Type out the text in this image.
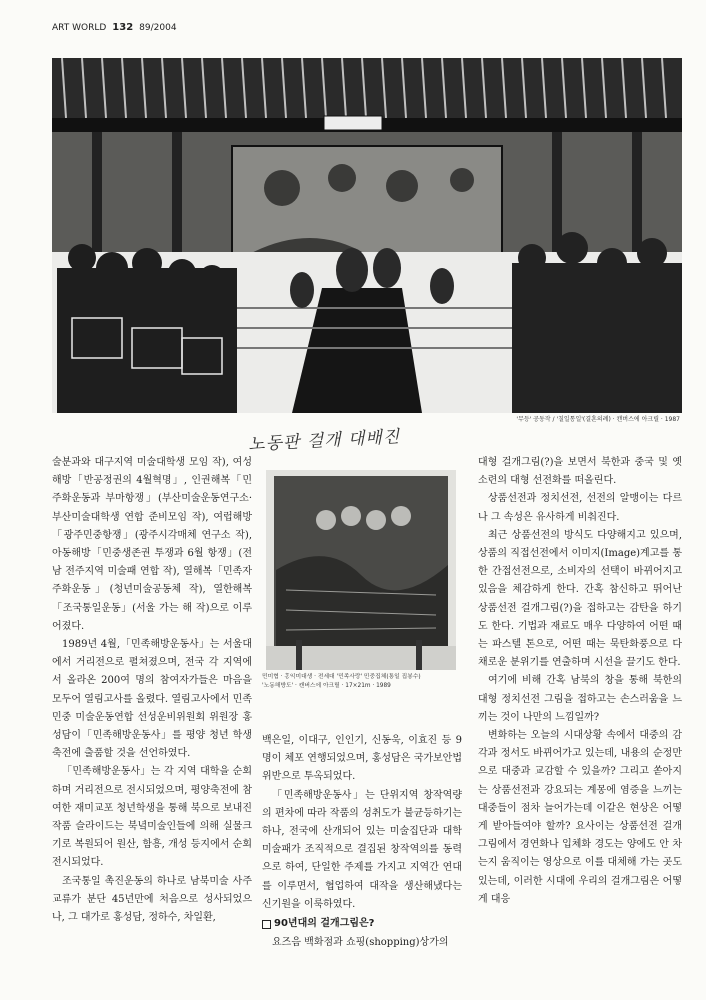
ART WORLD 132 89/2004
'무등' 공동작 / '칠일통일'(결혼의례) · 캔버스에 아크릴 · 1987
노동판 걸개 대배진

술분과와 대구지역 미술대학생 모임 작), 여성해방「반공정권의 4월혁명」, 인권해복「민주화운동과 부마항쟁」(부산미술운동연구소·부산미술대학생 연합 준비모임 작), 여럽해방「광주민중항쟁」(광주시각매체 연구소 작), 아동해방「민중생존권 투쟁과 6월 항쟁」(전남 전주지역 미술패 연합 작), 열해복「민족자주화운동」(청년미술공동체 작), 열한해복「조국통일운동」(서울 가는 해 작)으로 이루어졌다.

1989년 4월,「민족해방운동사」는 서울대에서 거리전으로 펼쳐졌으며, 전국 각 지역에서 올라온 200여 명의 참여자가들은 마음을 모두어 열림고사를 올렸다. 열림고사에서 민족민중 미술운동연합 선성운비위원회 위원장 홍성담이「민족해방운동사」를 평양 청년 학생축전에 출품할 것을 선언하였다.

「민족해방운동사」는 각 지역 대학을 순회하며 거리전으로 전시되었으며, 평양축전에 참여한 재미교포 청년학생을 통해 북으로 보내진 작품 슬라이드는 북녘미술인들에 의해 실물크기로 복원되어 원산, 함흥, 개성 등지에서 순회전시되었다.

조국통일 촉진운동의 하나로 남북미술 사주교류가 분단 45년만에 처음으로 성사되었으나, 그 대가로 홍성담, 정하수, 차일환,

민미협 · 홍익미대생 · 전세대 '민족사랑' 민중집체(통일 집봉수)
'노동해방도' · 캔버스에 아크릴 · 17×21m · 1989

백은일, 이대구, 인인기, 신동욱, 이효진 등 9명이 체포 연행되었으며, 홍성담은 국가보안법 위반으로 투옥되었다.

「민족해방운동사」는 단위지역 창작역량의 편차에 따라 작품의 성취도가 불균등하기는 하나, 전국에 산개되어 있는 미술집단과 대학미술패가 조직적으로 결집된 창작역의를 동력으로 하여, 단일한 주제를 가지고 지역간 연대를 이루면서, 협업하여 대작을 생산해냈다는 신기원을 이룩하였다.

90년대의 걸개그림은?

요즈음 백화점과 쇼핑(shopping)상가의

대형 걸개그림(?)을 보면서 북한과 중국 및 옛 소련의 대형 선전화를 떠올린다.

상품선전과 정치선전, 선전의 알맹이는 다르나 그 속성은 유사하게 비춰진다.

최근 상품선전의 방식도 다양해지고 있으며, 상품의 직접선전에서 이미지(Image)계고를 통한 간접선전으로, 소비자의 선택이 바뀌어지고 있음을 체감하게 한다. 간혹 참신하고 뛰어난 상품선전 걸개그림(?)을 접하고는 감탄을 하기도 한다. 기법과 재료도 매우 다양하여 어떤 때는 파스텔 톤으로, 어떤 때는 묵탄화풍으로 다채로운 분위기를 연출하며 시선을 끌기도 한다.

여기에 비해 간혹 남북의 창을 통해 북한의 대형 정치선전 그림을 접하고는 손스러움을 느끼는 것이 나만의 느낌일까?

변화하는 오늘의 시대상황 속에서 대중의 감각과 정서도 바뀌어가고 있는데, 내용의 순정만으로 대중과 교감할 수 있을까? 그리고 쏟아지는 상품선전과 강요되는 계몽에 염증을 느끼는 대중들이 점차 늘어가는데 이같은 현상은 어떻게 받아들여야 할까? 요사이는 상품선전 걸개그림에서 경연화나 입체화 경도는 양에도 안 차는지 움직이는 영상으로 이를 대체해 가는 곳도 있는데, 이러한 시대에 우리의 걸개그림은 어떻게 대응
